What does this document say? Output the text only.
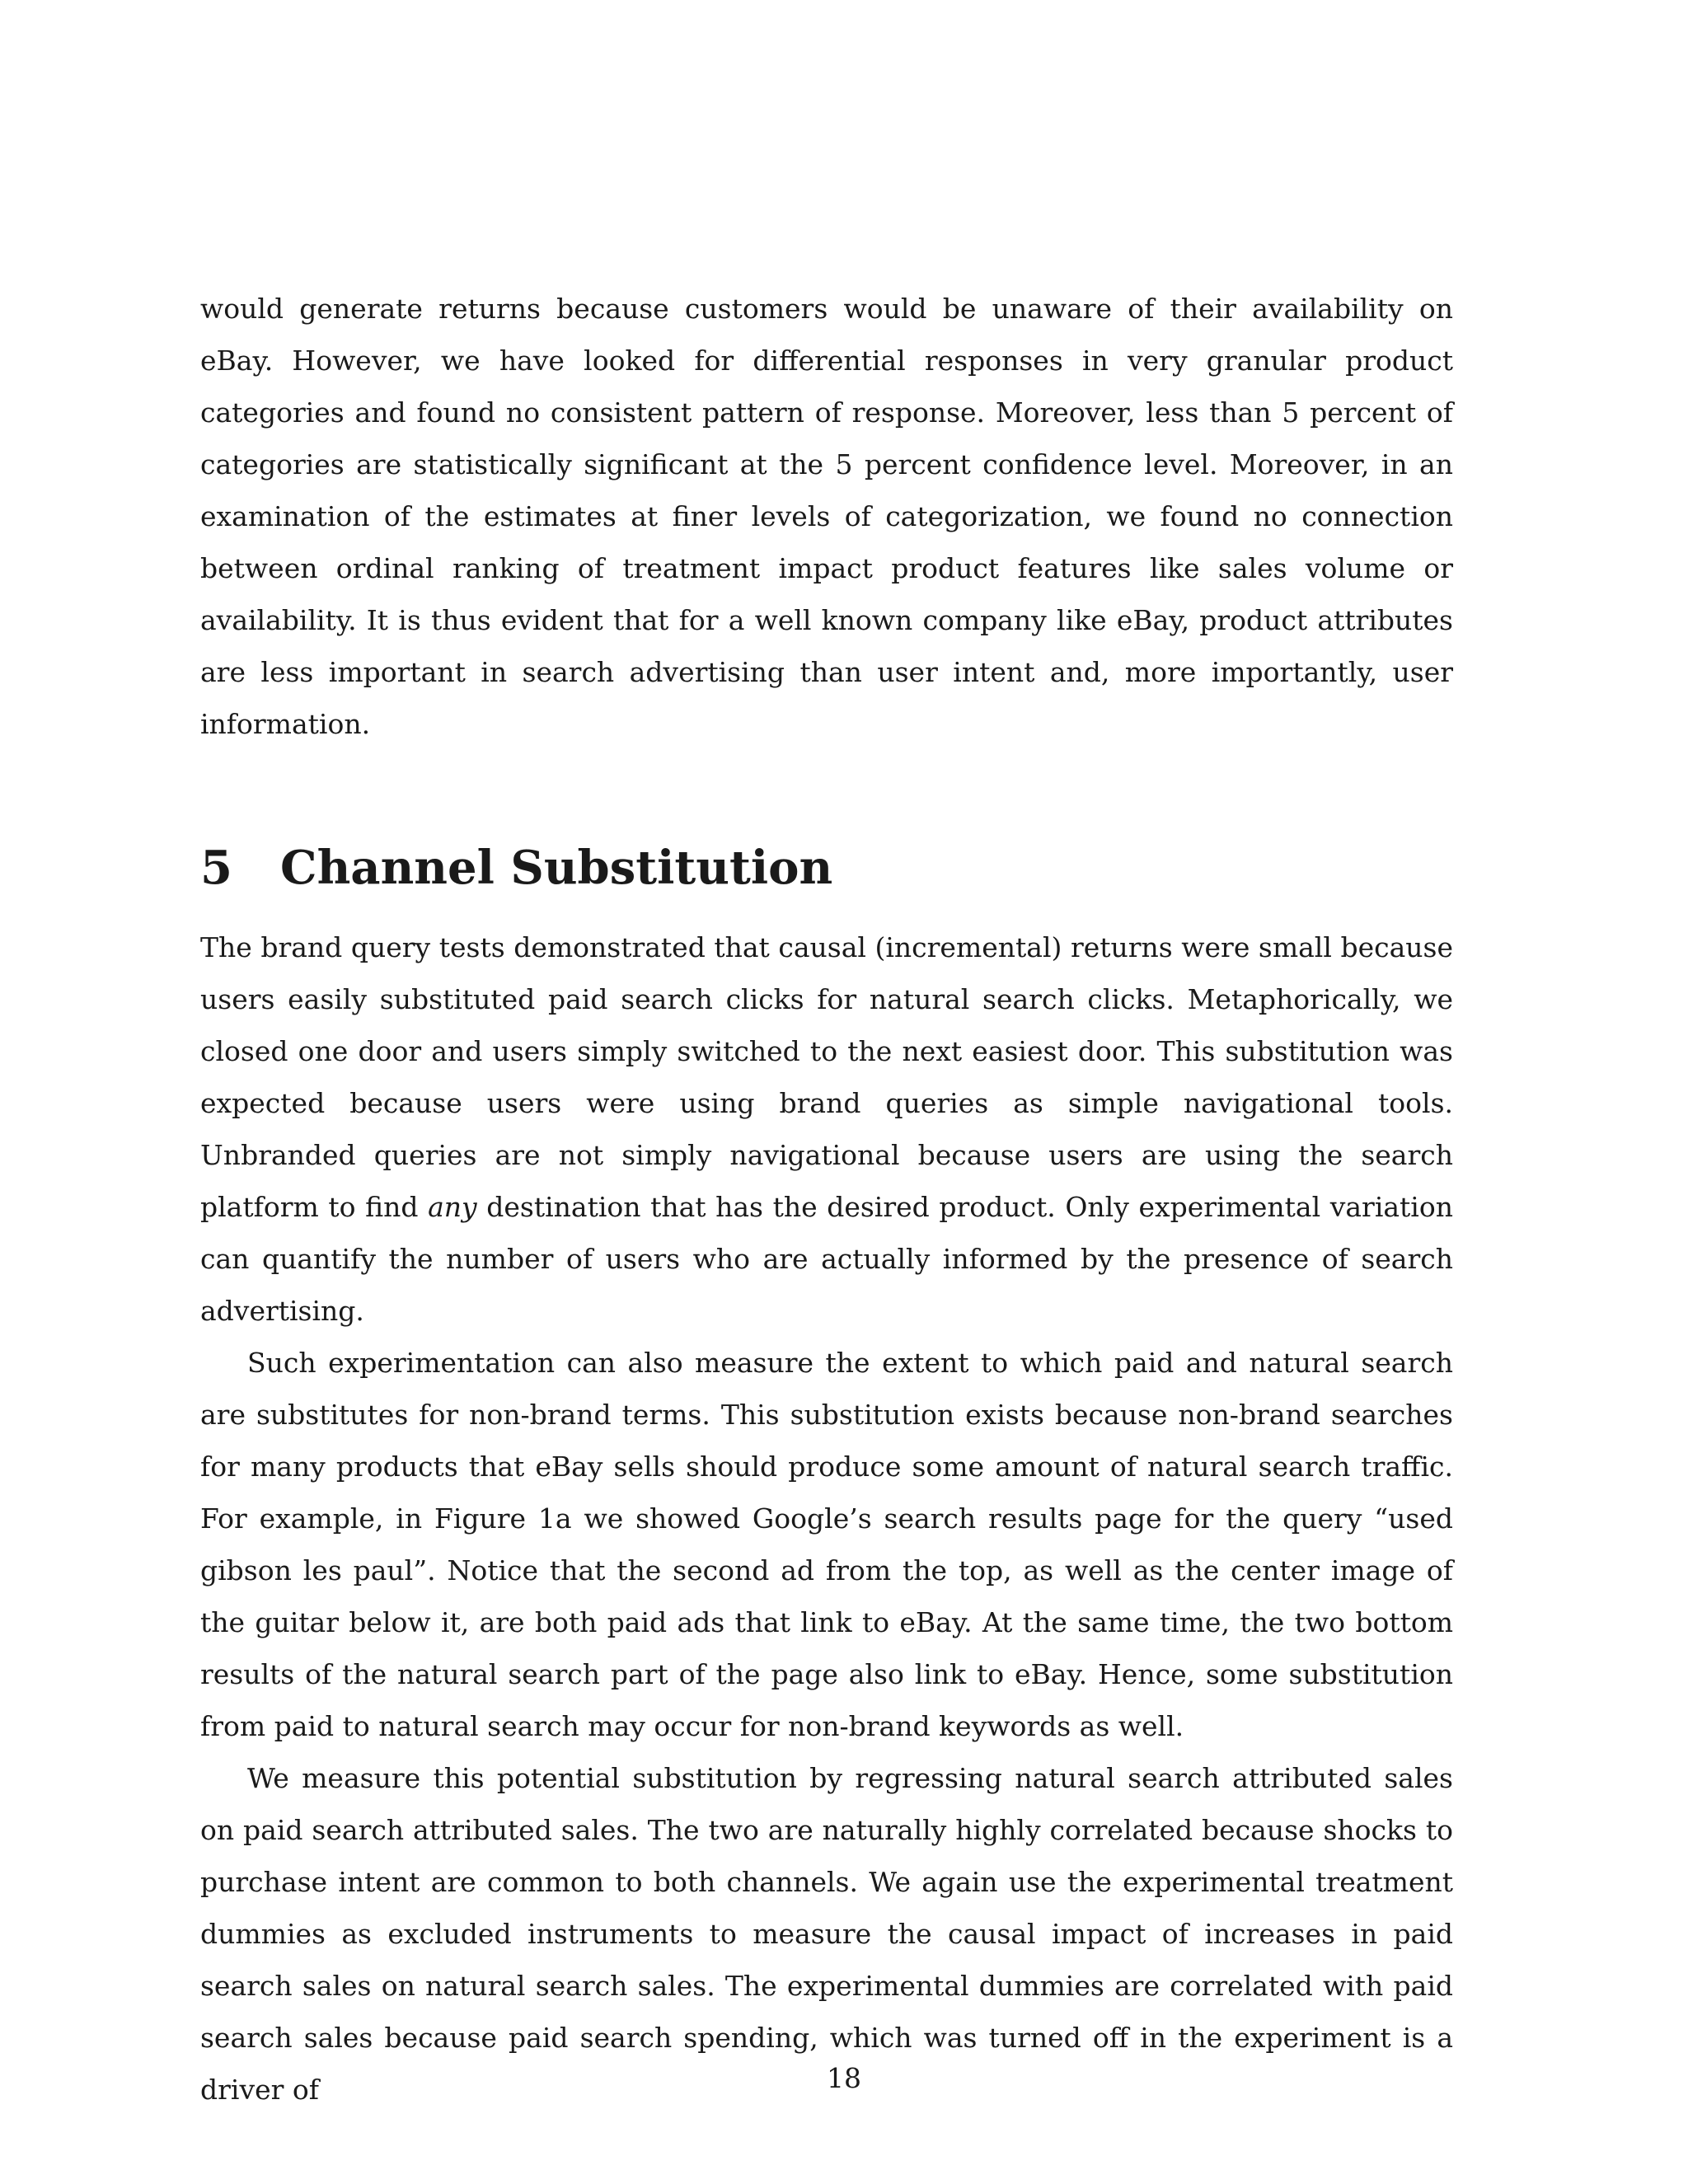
would generate returns because customers would be unaware of their availability on eBay. However, we have looked for differential responses in very granular product categories and found no consistent pattern of response. Moreover, less than 5 percent of categories are statistically significant at the 5 percent confidence level. Moreover, in an examination of the estimates at finer levels of categorization, we found no connection between ordinal ranking of treatment impact product features like sales volume or availability. It is thus evident that for a well known company like eBay, product attributes are less important in search advertising than user intent and, more importantly, user information.

5	Channel Substitution

The brand query tests demonstrated that causal (incremental) returns were small because users easily substituted paid search clicks for natural search clicks. Metaphorically, we closed one door and users simply switched to the next easiest door. This substitution was expected because users were using brand queries as simple navigational tools. Unbranded queries are not simply navigational because users are using the search platform to find any destination that has the desired product. Only experimental variation can quantify the number of users who are actually informed by the presence of search advertising.

Such experimentation can also measure the extent to which paid and natural search are substitutes for non-brand terms. This substitution exists because non-brand searches for many products that eBay sells should produce some amount of natural search traffic. For example, in Figure 1a we showed Google’s search results page for the query “used gibson les paul”. Notice that the second ad from the top, as well as the center image of the guitar below it, are both paid ads that link to eBay. At the same time, the two bottom results of the natural search part of the page also link to eBay. Hence, some substitution from paid to natural search may occur for non-brand keywords as well.

We measure this potential substitution by regressing natural search attributed sales on paid search attributed sales. The two are naturally highly correlated because shocks to purchase intent are common to both channels. We again use the experimental treatment dummies as excluded instruments to measure the causal impact of increases in paid search sales on natural search sales. The experimental dummies are correlated with paid search sales because paid search spending, which was turned off in the experiment is a driver of	18
